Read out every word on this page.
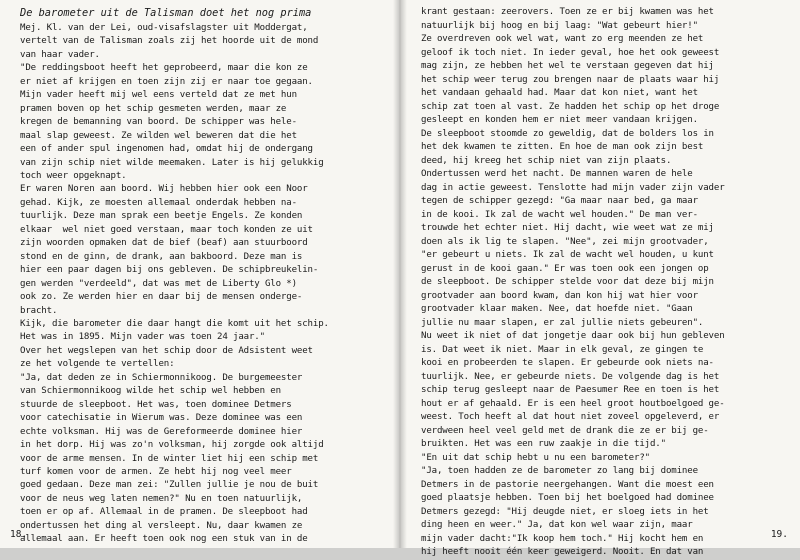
De barometer uit de Talisman doet het nog prima
Mej. Kl. van der Lei, oud-visafslagster uit Moddergat,
vertelt van de Talisman zoals zij het hoorde uit de mond
van haar vader.
"De reddingsboot heeft het geprobeerd, maar die kon ze
er niet af krijgen en toen zijn zij er naar toe gegaan.
Mijn vader heeft mij wel eens verteld dat ze met hun
pramen boven op het schip gesmeten werden, maar ze
kregen de bemanning van boord. De schipper was hele-
maal slap geweest. Ze wilden wel beweren dat die het
een of ander spul ingenomen had, omdat hij de ondergang
van zijn schip niet wilde meemaken. Later is hij gelukkig
toch weer opgeknapt.
Er waren Noren aan boord. Wij hebben hier ook een Noor
gehad. Kijk, ze moesten allemaal onderdak hebben na-
tuurlijk. Deze man sprak een beetje Engels. Ze konden
elkaar  wel niet goed verstaan, maar toch konden ze uit
zijn woorden opmaken dat de bief (beaf) aan stuurboord
stond en de ginn, de drank, aan bakboord. Deze man is
hier een paar dagen bij ons gebleven. De schipbreukelin-
gen werden "verdeeld", dat was met de Liberty Glo *)
ook zo. Ze werden hier en daar bij de mensen onderge-
bracht.
Kijk, die barometer die daar hangt die komt uit het schip.
Het was in 1895. Mijn vader was toen 24 jaar."
Over het wegslepen van het schip door de Adsistent weet
ze het volgende te vertellen:
"Ja, dat deden ze in Schiermonnikoog. De burgemeester
van Schiermonnikoog wilde het schip wel hebben en
stuurde de sleepboot. Het was, toen dominee Detmers
voor catechisatie in Wierum was. Deze dominee was een
echte volksman. Hij was de Gereformeerde dominee hier
in het dorp. Hij was zo'n volksman, hij zorgde ook altijd
voor de arme mensen. In de winter liet hij een schip met
turf komen voor de armen. Ze hebt hij nog veel meer
goed gedaan. Deze man zei: "Zullen jullie je nou de buit
voor de neus weg laten nemen?" Nu en toen natuurlijk,
toen er op af. Allemaal in de pramen. De sleepboot had
ondertussen het ding al versleept. Nu, daar kwamen ze
allemaal aan. Er heeft toen ook nog een stuk van in de
18.
krant gestaan: zeerovers. Toen ze er bij kwamen was het
natuurlijk bij hoog en bij laag: "Wat gebeurt hier!"
Ze overdreven ook wel wat, want zo erg meenden ze het
geloof ik toch niet. In ieder geval, hoe het ook geweest
mag zijn, ze hebben het wel te verstaan gegeven dat hij
het schip weer terug zou brengen naar de plaats waar hij
het vandaan gehaald had. Maar dat kon niet, want het
schip zat toen al vast. Ze hadden het schip op het droge
gesleept en konden hem er niet meer vandaan krijgen.
De sleepboot stoomde zo geweldig, dat de bolders los in
het dek kwamen te zitten. En hoe de man ook zijn best
deed, hij kreeg het schip niet van zijn plaats.
Ondertussen werd het nacht. De mannen waren de hele
dag in actie geweest. Tenslotte had mijn vader zijn vader
tegen de schipper gezegd: "Ga maar naar bed, ga maar
in de kooi. Ik zal de wacht wel houden." De man ver-
trouwde het echter niet. Hij dacht, wie weet wat ze mij
doen als ik lig te slapen. "Nee", zei mijn grootvader,
"er gebeurt u niets. Ik zal de wacht wel houden, u kunt
gerust in de kooi gaan." Er was toen ook een jongen op
de sleepboot. De schipper stelde voor dat deze bij mijn
grootvader aan boord kwam, dan kon hij wat hier voor
grootvader klaar maken. Nee, dat hoefde niet. "Gaan
jullie nu maar slapen, er zal jullie niets gebeuren".
Nu weet ik niet of dat jongetje daar ook bij hun gebleven
is. Dat weet ik niet. Maar in elk geval, ze gingen te
kooi en probeerden te slapen. Er gebeurde ook niets na-
tuurlijk. Nee, er gebeurde niets. De volgende dag is het
schip terug gesleept naar de Paesumer Ree en toen is het
hout er af gehaald. Er is een heel groot houtboelgoed ge-
weest. Toch heeft al dat hout niet zoveel opgeleverd, er
verdween heel veel geld met de drank die ze er bij ge-
bruikten. Het was een ruw zaakje in die tijd."
"En uit dat schip hebt u nu een barometer?"
"Ja, toen hadden ze de barometer zo lang bij dominee
Detmers in de pastorie neergehangen. Want die moest een
goed plaatsje hebben. Toen bij het boelgoed had dominee
Detmers gezegd: "Hij deugde niet, er sloeg iets in het
ding heen en weer." Ja, dat kon wel waar zijn, maar
mijn vader dacht:"Ik koop hem toch." Hij kocht hem en
hij heeft nooit één keer geweigerd. Nooit. En dat van
19.
